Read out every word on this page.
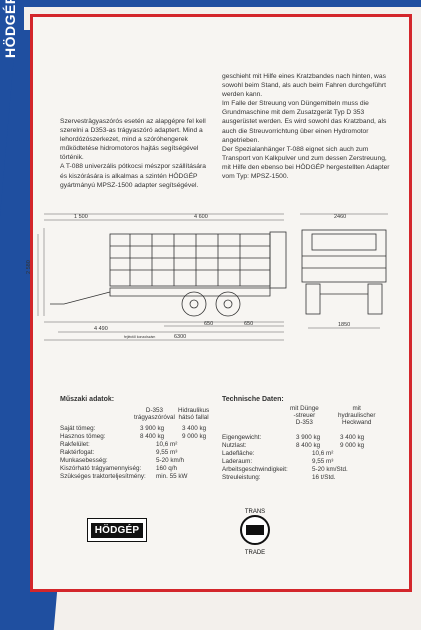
Szervesträgyaszórós esetén az alapgépre fel kell szerelni a D353-as trágyaszóró adaptert. Mind a lehordózószerkezet, mind a szóróhengerek működtetése hidromotoros hajtás segítségével történik.
A T-088 univerzális pótkocsi mészpor szállítására és kiszórására is alkalmas a szintén HÖDGÉP gyártmányú MPSZ-1500 adapter segítségével.
geschieht mit Hilfe eines Kratzbandes nach hinten, was sowohl beim Stand, als auch beim Fahren durchgeführt werden kann.
Im Falle der Streuung von Düngemitteln muss die Grundmaschine mit dem Zusatzgerät Typ D 353 ausgerüstet werden. Es wird sowohl das Kratzband, als auch die Streuvorrichtung über einen Hydromotor angetrieben.
Der Spezialanhänger T-088 eignet sich auch zum Transport von Kalkpulver und zum dessen Zerstreuung, mit Hilfe den ebenso bei HÖDGÉP hergestellten Adapter vom Typ: MPSZ-1500.
1 500	4 600	2460
2 580
650	650
4 490
1850
fejléctől konzolszám	6300
Műszaki adatok:
D-353
trágyaszóróval
Hidraulikus
hátsó fallal
Saját tömeg:	3 900 kg	3 400 kg
Hasznos tömeg:	8 400 kg	9 000 kg
Rakfelület:	10,6 m²
Raktérfogat:	9,55 m³
Munkasebesség:	5-20 km/h
Kiszórható trágyamennyiség: 160 q/h
Szükséges traktorteljesítmény: min. 55 kW
Technische Daten:
mit Dünge
-streuer
D-353
mit
hydraulischer
Heckwand
Eigengewicht:	3 900 kg	3 400 kg
Nutzlast:	8 400 kg	9 000 kg
Ladefläche:	10,6 m²
Laderaum:	9,55 m³
Arbeitsgeschwindigkeit:	5-20 km/Std.
Streuleistung:	16 t/Std.
HÖDGÉP
TRANS
TRADE
